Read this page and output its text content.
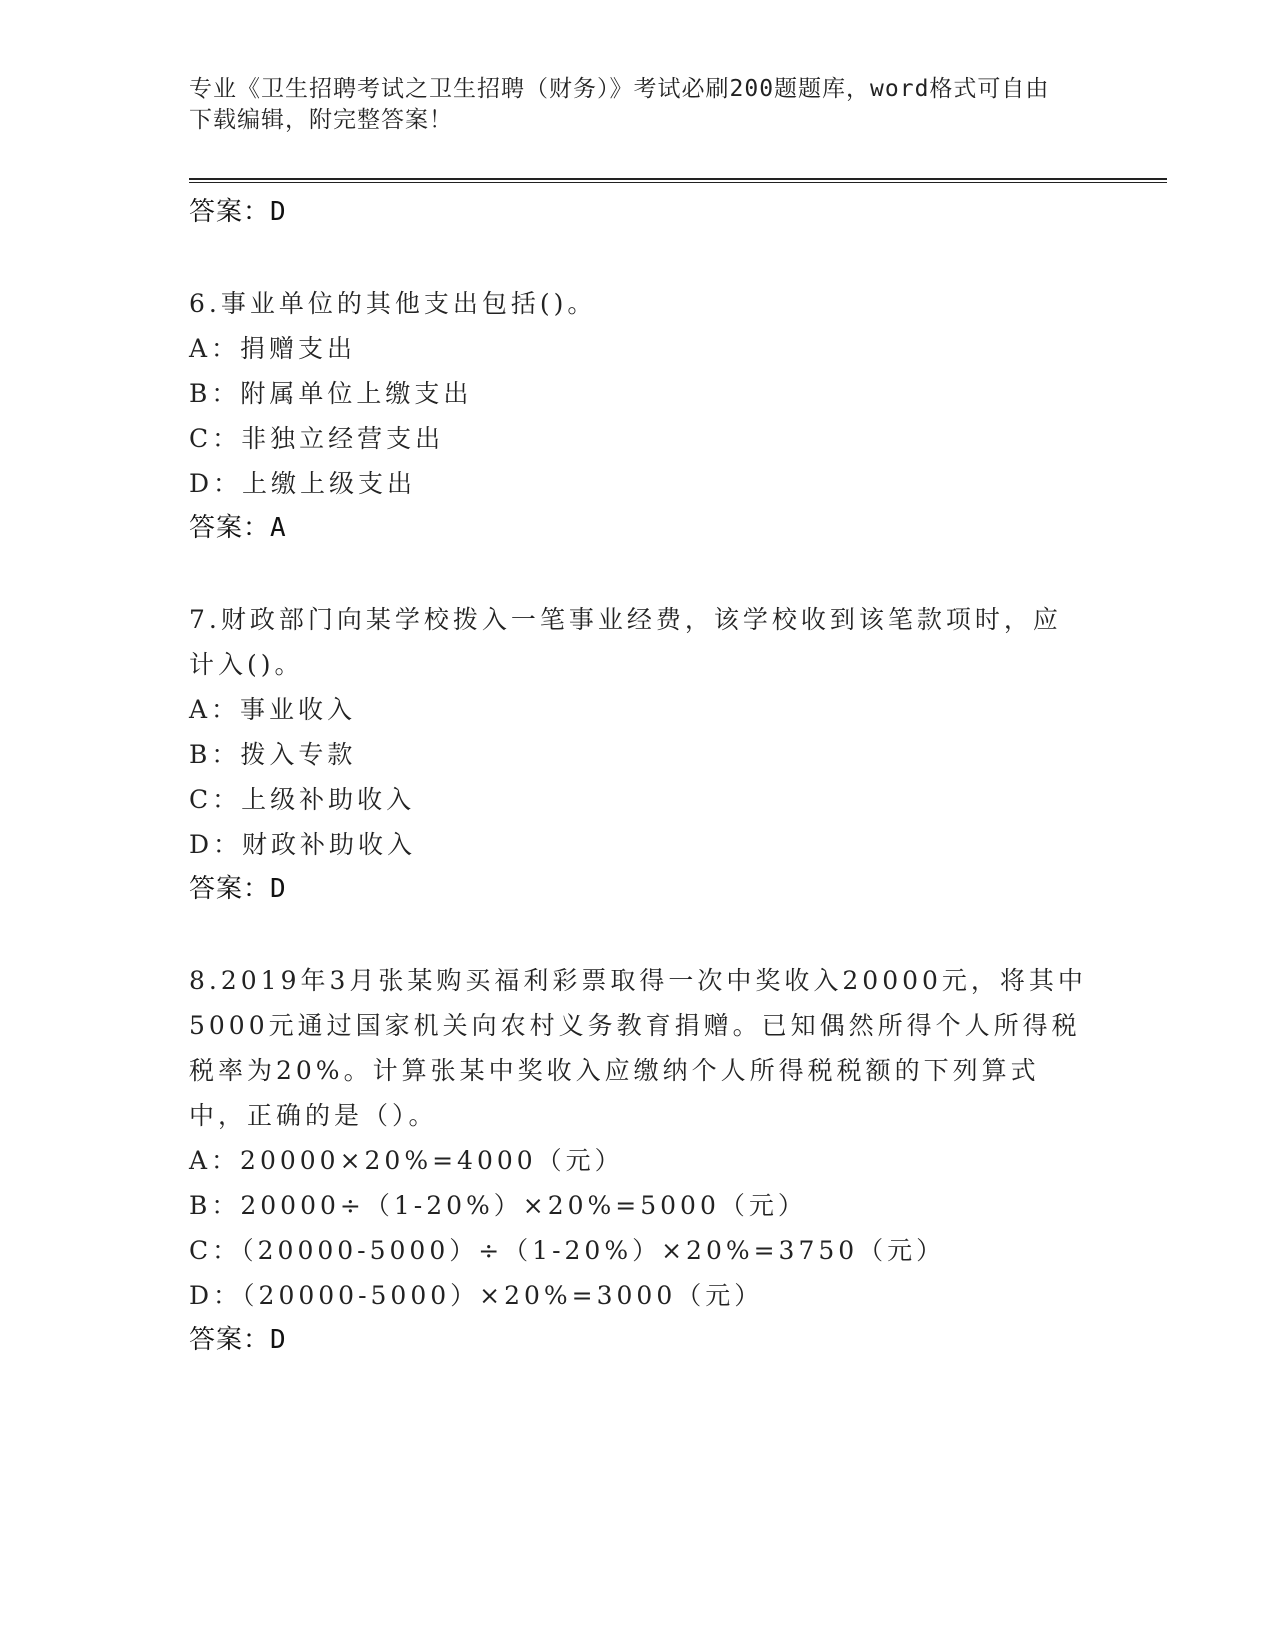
专业《卫生招聘考试之卫生招聘（财务）》考试必刷200题题库，word格式可自由下载编辑，附完整答案！
答案：D
6.事业单位的其他支出包括()。
A：捐赠支出
B：附属单位上缴支出
C：非独立经营支出
D：上缴上级支出
答案：A
7.财政部门向某学校拨入一笔事业经费，该学校收到该笔款项时，应计入()。
A：事业收入
B：拨入专款
C：上级补助收入
D：财政补助收入
答案：D
8.2019年3月张某购买福利彩票取得一次中奖收入20000元，将其中5000元通过国家机关向农村义务教育捐赠。已知偶然所得个人所得税税率为20%。计算张某中奖收入应缴纳个人所得税税额的下列算式中，正确的是（）。
A：20000×20%=4000（元）
B：20000÷（1-20%）×20%=5000（元）
C：（20000-5000）÷（1-20%）×20%=3750（元）
D：（20000-5000）×20%=3000（元）
答案：D
